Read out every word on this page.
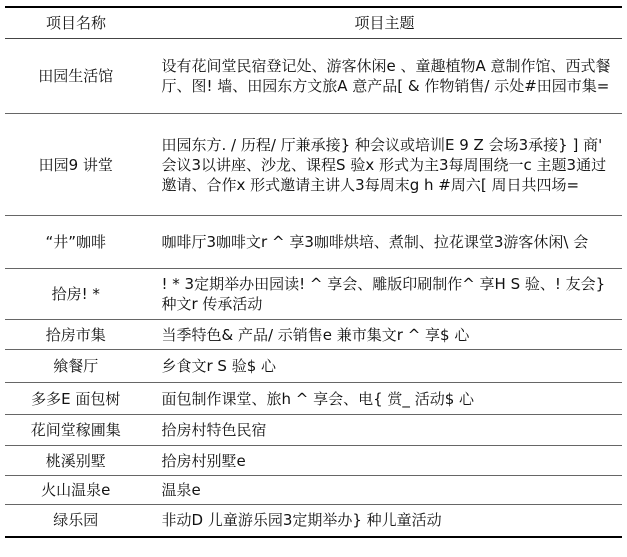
项目名称	项目主题
田园生活馆	设有花间堂民宿登记处、游客休闲e 、童趣植物A 意制作馆、西式餐厅、图! 墙、田园东方文旅A 意产品[ & 作物销售/ 示处#田园市集=
田园9 讲堂	田园东方. / 历程/ 厅兼承接} 种会议或培训E 9 Z 会场3承接} ] 商' 会议3以讲座、沙龙、课程S 验x 形式为主3每周围绕一c 主题3通过邀请、合作x 形式邀请主讲人3每周末g h #周六[ 周日共四场=
“井”咖啡	咖啡厅3咖啡文r ^ 享3咖啡烘培、煮制、拉花课堂3游客休闲\ 会
拾房! *	! * 3定期举办田园读! ^ 享会、雕版印刷制作^ 享H S 验、! 友会} 种文r 传承活动
拾房市集	当季特色& 产品/ 示销售e 兼市集文r ^ 享$ 心
飨餐厅	乡食文r S 验$ 心
多多E 面包树	面包制作课堂、旅h ^ 享会、电{ 赏_ 活动$ 心
花间堂稼圃集	拾房村特色民宿
桃溪别墅	拾房村别墅e
火山温泉e	温泉e
绿乐园	非动D 儿童游乐园3定期举办} 种儿童活动
